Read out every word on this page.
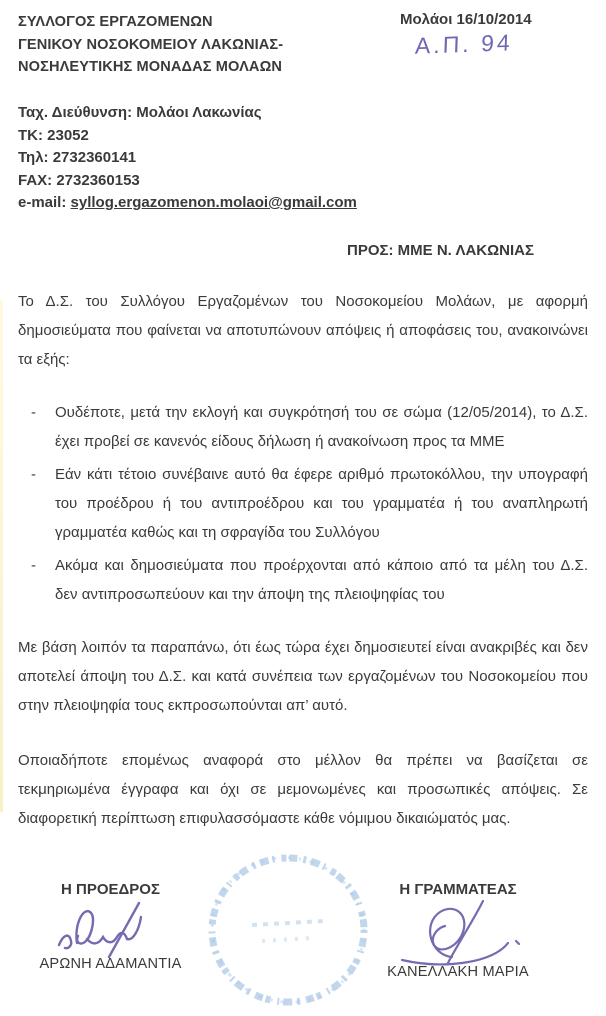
ΣΥΛΛΟΓΟΣ ΕΡΓΑΖΟΜΕΝΩΝ
ΓΕΝΙΚΟΥ ΝΟΣΟΚΟΜΕΙΟΥ ΛΑΚΩΝΙΑΣ-
ΝΟΣΗΛΕΥΤΙΚΗΣ ΜΟΝΑΔΑΣ ΜΟΛΑΩΝ
Μολάοι 16/10/2014
Α.Π. 94
Ταχ. Διεύθυνση: Μολάοι Λακωνίας
ΤΚ: 23052
Τηλ: 2732360141
FAX: 2732360153
e-mail: syllog.ergazomenon.molaoi@gmail.com
ΠΡΟΣ: ΜΜΕ Ν. ΛΑΚΩΝΙΑΣ

Το Δ.Σ. του Συλλόγου Εργαζομένων του Νοσοκομείου Μολάων, με αφορμή δημοσιεύματα που φαίνεται να αποτυπώνουν απόψεις ή αποφάσεις του, ανακοινώνει τα εξής:

-	Ουδέποτε, μετά την εκλογή και συγκρότησή του σε σώμα (12/05/2014), το Δ.Σ. έχει προβεί σε κανενός είδους δήλωση ή ανακοίνωση προς τα ΜΜΕ
-	Εάν κάτι τέτοιο συνέβαινε αυτό θα έφερε αριθμό πρωτοκόλλου, την υπογραφή του προέδρου ή του αντιπροέδρου και του γραμματέα ή του αναπληρωτή γραμματέα καθώς και τη σφραγίδα του Συλλόγου
-	Ακόμα και δημοσιεύματα που προέρχονται από κάποιο από τα μέλη του Δ.Σ. δεν αντιπροσωπεύουν και την άποψη της πλειοψηφίας του

Με βάση λοιπόν τα παραπάνω, ότι έως τώρα έχει δημοσιευτεί είναι ανακριβές και δεν αποτελεί άποψη του Δ.Σ. και κατά συνέπεια των εργαζομένων του Νοσοκομείου που στην πλειοψηφία τους εκπροσωπούνται απ’ αυτό.

Οποιαδήποτε επομένως αναφορά στο μέλλον θα πρέπει να βασίζεται σε τεκμηριωμένα έγγραφα και όχι σε μεμονωμένες και προσωπικές απόψεις. Σε διαφορετική περίπτωση επιφυλασσόμαστε κάθε νόμιμου δικαιώματός μας.

Η ΠΡΟΕΔΡΟΣ
ΑΡΩΝΗ ΑΔΑΜΑΝΤΙΑ
Η ΓΡΑΜΜΑΤΕΑΣ
ΚΑΝΕΛΛΑΚΗ ΜΑΡΙΑ
